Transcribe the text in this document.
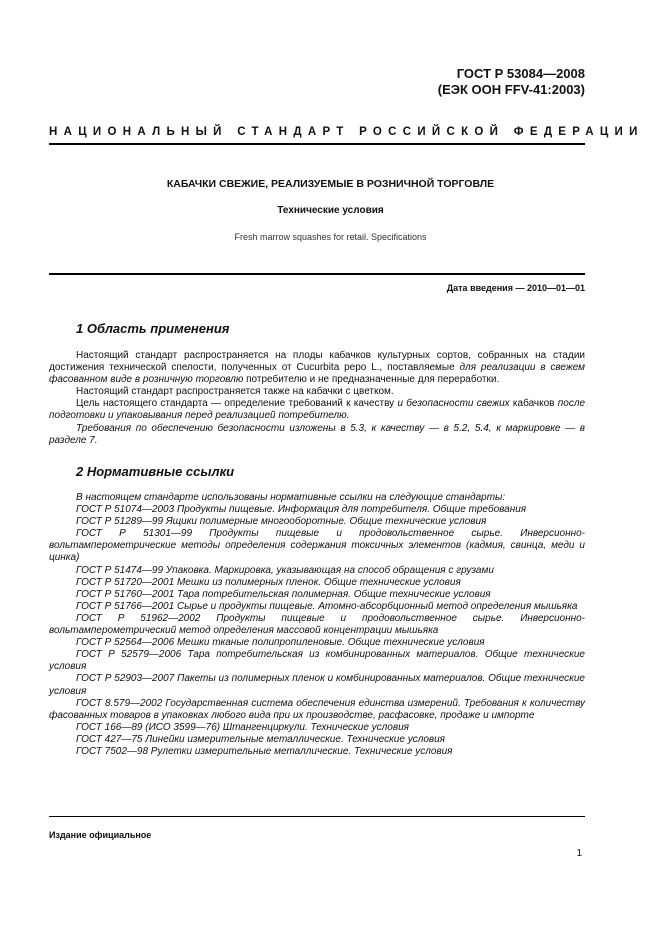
ГОСТ Р 53084—2008
(ЕЭК ООН FFV-41:2003)
НАЦИОНАЛЬНЫЙ СТАНДАРТ РОССИЙСКОЙ ФЕДЕРАЦИИ
КАБАЧКИ СВЕЖИЕ, РЕАЛИЗУЕМЫЕ В РОЗНИЧНОЙ ТОРГОВЛЕ
Технические условия
Fresh marrow squashes for retail. Specifications
Дата введения — 2010—01—01
1 Область применения

Настоящий стандарт распространяется на плоды кабачков культурных сортов, собранных на стадии достижения технической спелости, полученных от Cucurbita pepo L., поставляемые для реализации в свежем фасованном виде в розничную торговлю потребителю и не предназначенные для переработки.

Настоящий стандарт распространяется также на кабачки с цветком.

Цель настоящего стандарта — определение требований к качеству и безопасности свежих кабачков после подготовки и упаковывания перед реализацией потребителю.

Требования по обеспечению безопасности изложены в 5.3, к качеству — в 5.2, 5.4, к маркировке — в разделе 7.

2 Нормативные ссылки

В настоящем стандарте использованы нормативные ссылки на следующие стандарты:

ГОСТ Р 51074—2003 Продукты пищевые. Информация для потребителя. Общие требования

ГОСТ Р 51289—99 Ящики полимерные многооборотные. Общие технические условия

ГОСТ Р 51301—99 Продукты пищевые и продовольственное сырье. Инверсионно-вольтамперометрические методы определения содержания токсичных элементов (кадмия, свинца, меди и цинка)

ГОСТ Р 51474—99 Упаковка. Маркировка, указывающая на способ обращения с грузами

ГОСТ Р 51720—2001 Мешки из полимерных пленок. Общие технические условия

ГОСТ Р 51760—2001 Тара потребительская полимерная. Общие технические условия

ГОСТ Р 51766—2001 Сырье и продукты пищевые. Атомно-абсорбционный метод определения мышьяка

ГОСТ Р 51962—2002 Продукты пищевые и продовольственное сырье. Инверсионно-вольтамперометрический метод определения массовой концентрации мышьяка

ГОСТ Р 52564—2006 Мешки тканые полипропиленовые. Общие технические условия

ГОСТ Р 52579—2006 Тара потребительская из комбинированных материалов. Общие технические условия

ГОСТ Р 52903—2007 Пакеты из полимерных пленок и комбинированных материалов. Общие технические условия

ГОСТ 8.579—2002 Государственная система обеспечения единства измерений. Требования к количеству фасованных товаров в упаковках любого вида при их производстве, расфасовке, продаже и импорте

ГОСТ 166—89 (ИСО 3599—76) Штангенциркули. Технические условия

ГОСТ 427—75 Линейки измерительные металлические. Технические условия

ГОСТ 7502—98 Рулетки измерительные металлические. Технические условия

Издание официальное
1
